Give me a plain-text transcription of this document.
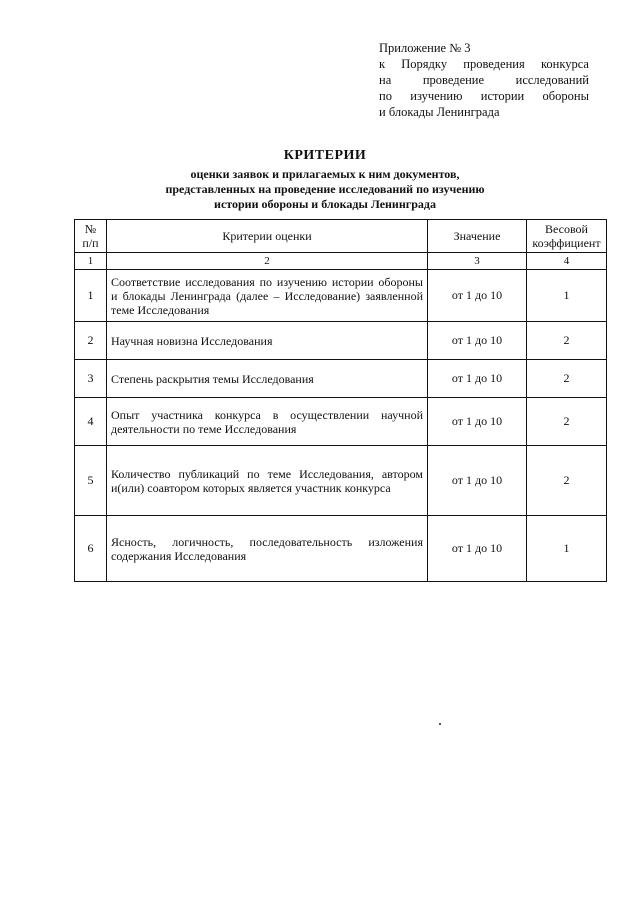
Приложение № 3
к Порядку проведения конкурса
на	проведение	исследований
по изучению истории обороны
и блокады Ленинграда
КРИТЕРИИ
оценки заявок и прилагаемых к ним документов,
представленных на проведение исследований по изучению
истории обороны и блокады Ленинграда
№ п/п	Критерии оценки	Значение	Весовой коэффициент
1	2	3	4
1	Соответствие исследования по изучению истории обороны и блокады Ленинграда (далее – Исследование) заявленной теме Исследования	от 1 до 10	1
2	Научная новизна Исследования	от 1 до 10	2
3	Степень раскрытия темы Исследования	от 1 до 10	2
4	Опыт участника конкурса в осуществлении научной деятельности по теме Исследования	от 1 до 10	2
5	Количество публикаций по теме Исследования, автором и(или) соавтором которых является участник конкурса	от 1 до 10	2
6	Ясность, логичность, последовательность изложения содержания Исследования	от 1 до 10	1
